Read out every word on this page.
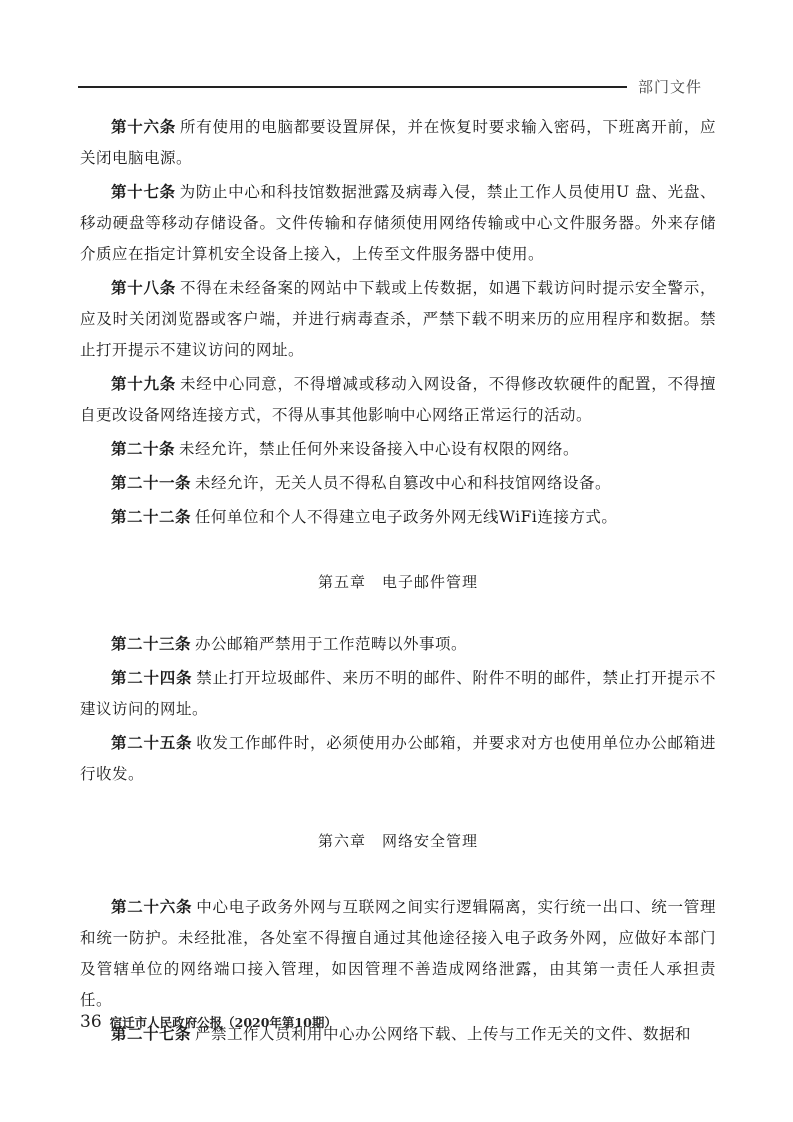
部门文件

第十六条 所有使用的电脑都要设置屏保，并在恢复时要求输入密码，下班离开前，应关闭电脑电源。

第十七条 为防止中心和科技馆数据泄露及病毒入侵，禁止工作人员使用U 盘、光盘、移动硬盘等移动存储设备。文件传输和存储须使用网络传输或中心文件服务器。外来存储介质应在指定计算机安全设备上接入，上传至文件服务器中使用。

第十八条 不得在未经备案的网站中下载或上传数据，如遇下载访问时提示安全警示，应及时关闭浏览器或客户端，并进行病毒查杀，严禁下载不明来历的应用程序和数据。禁止打开提示不建议访问的网址。

第十九条 未经中心同意，不得增减或移动入网设备，不得修改软硬件的配置，不得擅自更改设备网络连接方式，不得从事其他影响中心网络正常运行的活动。

第二十条 未经允许，禁止任何外来设备接入中心设有权限的网络。

第二十一条 未经允许，无关人员不得私自篡改中心和科技馆网络设备。

第二十二条 任何单位和个人不得建立电子政务外网无线WiFi连接方式。

第五章　电子邮件管理

第二十三条 办公邮箱严禁用于工作范畴以外事项。

第二十四条 禁止打开垃圾邮件、来历不明的邮件、附件不明的邮件，禁止打开提示不建议访问的网址。

第二十五条 收发工作邮件时，必须使用办公邮箱，并要求对方也使用单位办公邮箱进行收发。

第六章　网络安全管理

第二十六条 中心电子政务外网与互联网之间实行逻辑隔离，实行统一出口、统一管理和统一防护。未经批准，各处室不得擅自通过其他途径接入电子政务外网，应做好本部门及管辖单位的网络端口接入管理，如因管理不善造成网络泄露，由其第一责任人承担责任。

第二十七条 严禁工作人员利用中心办公网络下载、上传与工作无关的文件、数据和

36 宿迁市人民政府公报（2020年第10期）
